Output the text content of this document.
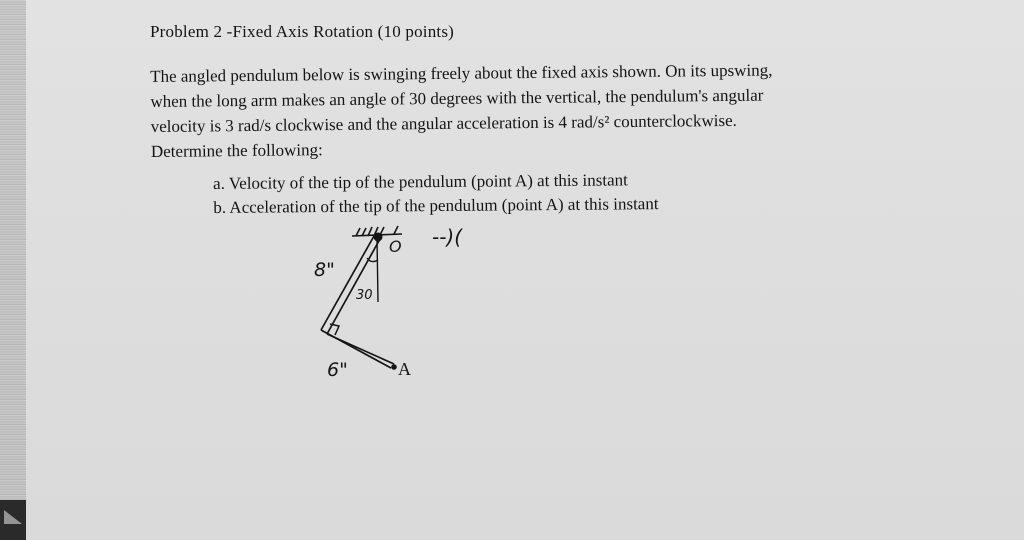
Problem 2 -Fixed Axis Rotation (10 points)

The angled pendulum below is swinging freely about the fixed axis shown. On its upswing,

when the long arm makes an angle of 30 degrees with the vertical, the pendulum's angular

velocity is 3 rad/s clockwise and the angular acceleration is 4 rad/s² counterclockwise.

Determine the following:

a. Velocity of the tip of the pendulum (point A) at this instant

b. Acceleration of the tip of the pendulum (point A) at this instant

8"
6"
30
O
A
--)(
